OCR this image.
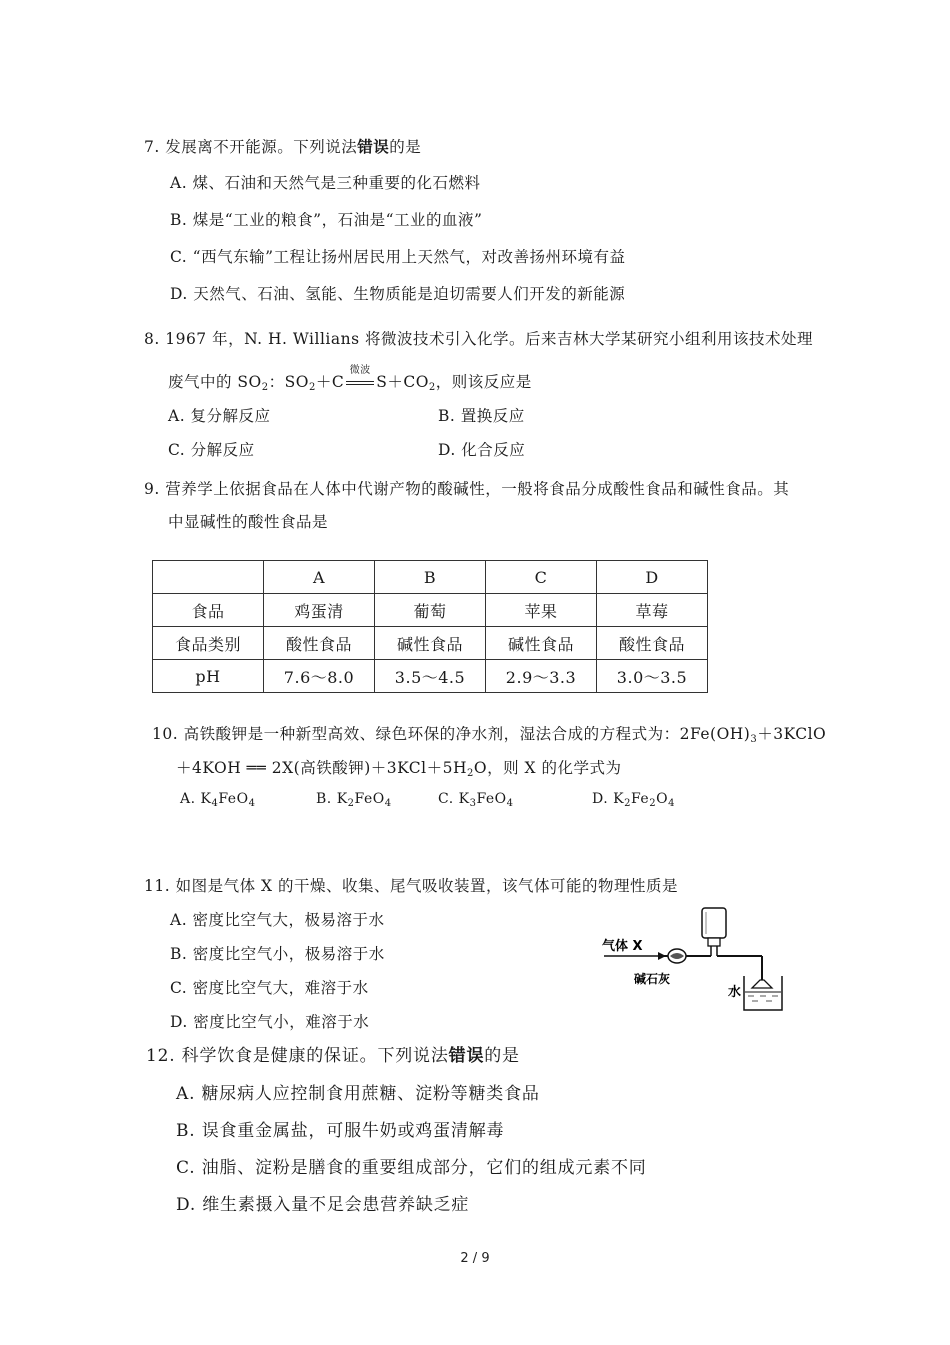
7. 发展离不开能源。下列说法错误的是
A. 煤、石油和天然气是三种重要的化石燃料
B. 煤是“工业的粮食”，石油是“工业的血液”
C. “西气东输”工程让扬州居民用上天然气，对改善扬州环境有益
D. 天然气、石油、氢能、生物质能是迫切需要人们开发的新能源
8. 1967 年，N. H. Willians 将微波技术引入化学。后来吉林大学某研究小组利用该技术处理
废气中的 $SO_2$：$SO_2+C$
微波
$S+CO_2$，则该反应是
A. 复分解反应	B. 置换反应
C. 分解反应	D. 化合反应
9. 营养学上依据食品在人体中代谢产物的酸碱性，一般将食品分成酸性食品和碱性食品。其
中显碱性的酸性食品是
	A	B	C	D
食品	鸡蛋清	葡萄	苹果	草莓
食品类别	酸性食品	碱性食品	碱性食品	酸性食品
pH	7.6～8.0	3.5～4.5	2.9～3.3	3.0～3.5
10. 高铁酸钾是一种新型高效、绿色环保的净水剂，湿法合成的方程式为：$2Fe(OH)_3+3KClO$
＋4KOH ══ 2X(高铁酸钾)$+3KCl+5H_2O$，则 X 的化学式为
A. $K_4FeO_4$	B. $K_2FeO_4$	C. $K_3FeO_4$	D. $K_2Fe_2O_4$
11. 如图是气体 X 的干燥、收集、尾气吸收装置，该气体可能的物理性质是
A. 密度比空气大，极易溶于水
B. 密度比空气小，极易溶于水
C. 密度比空气大，难溶于水
D. 密度比空气小，难溶于水
气体 X
碱石灰
水
12. 科学饮食是健康的保证。下列说法错误的是
A. 糖尿病人应控制食用蔗糖、淀粉等糖类食品
B. 误食重金属盐，可服牛奶或鸡蛋清解毒
C. 油脂、淀粉是膳食的重要组成部分，它们的组成元素不同
D. 维生素摄入量不足会患营养缺乏症
2 / 9
